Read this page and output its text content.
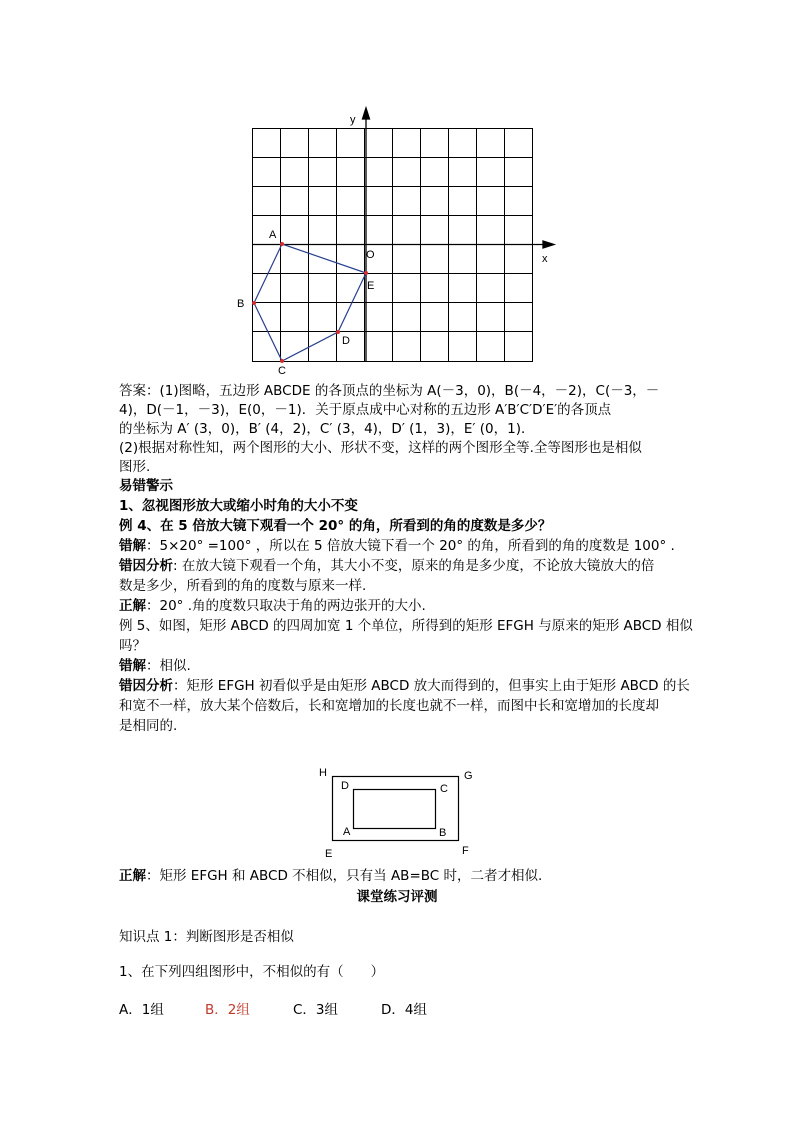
y
x
O
A
B
C
D
E
答案：(1)图略，五边形 ABCDE 的各顶点的坐标为 A(－3，0)，B(－4，－2)，C(－3，－
4)，D(－1，－3)，E(0，－1)．关于原点成中心对称的五边形 A′B′C′D′E′的各顶点
的坐标为 A′ (3，0)，B′ (4，2)，C′ (3，4)，D′ (1，3)，E′ (0，1)．
(2)根据对称性知，两个图形的大小、形状不变，这样的两个图形全等.全等图形也是相似
图形.
易错警示
1、忽视图形放大或缩小时角的大小不变
例 4、在 5 倍放大镜下观看一个 20° 的角，所看到的角的度数是多少？
错解：5×20° =100° ，所以在 5 倍放大镜下看一个 20° 的角，所看到的角的度数是 100° .
错因分析: 在放大镜下观看一个角，其大小不变，原来的角是多少度，不论放大镜放大的倍
数是多少，所看到的角的度数与原来一样.
正解：20° .角的度数只取决于角的两边张开的大小.
例 5、如图，矩形 ABCD 的四周加宽 1 个单位，所得到的矩形 EFGH 与原来的矩形 ABCD 相似
吗？
错解：相似.
错因分析：矩形 EFGH 初看似乎是由矩形 ABCD 放大而得到的，但事实上由于矩形 ABCD 的长
和宽不一样，放大某个倍数后，长和宽增加的长度也就不一样，而图中长和宽增加的长度却
是相同的.
H	G
E	F
D	C
A	B
正解：矩形 EFGH 和 ABCD 不相似，只有当 AB=BC 时，二者才相似.
课堂练习评测
知识点 1：判断图形是否相似
1、在下列四组图形中，不相似的有（　　）
A．1组	B．2组	C．3组	D．4组
